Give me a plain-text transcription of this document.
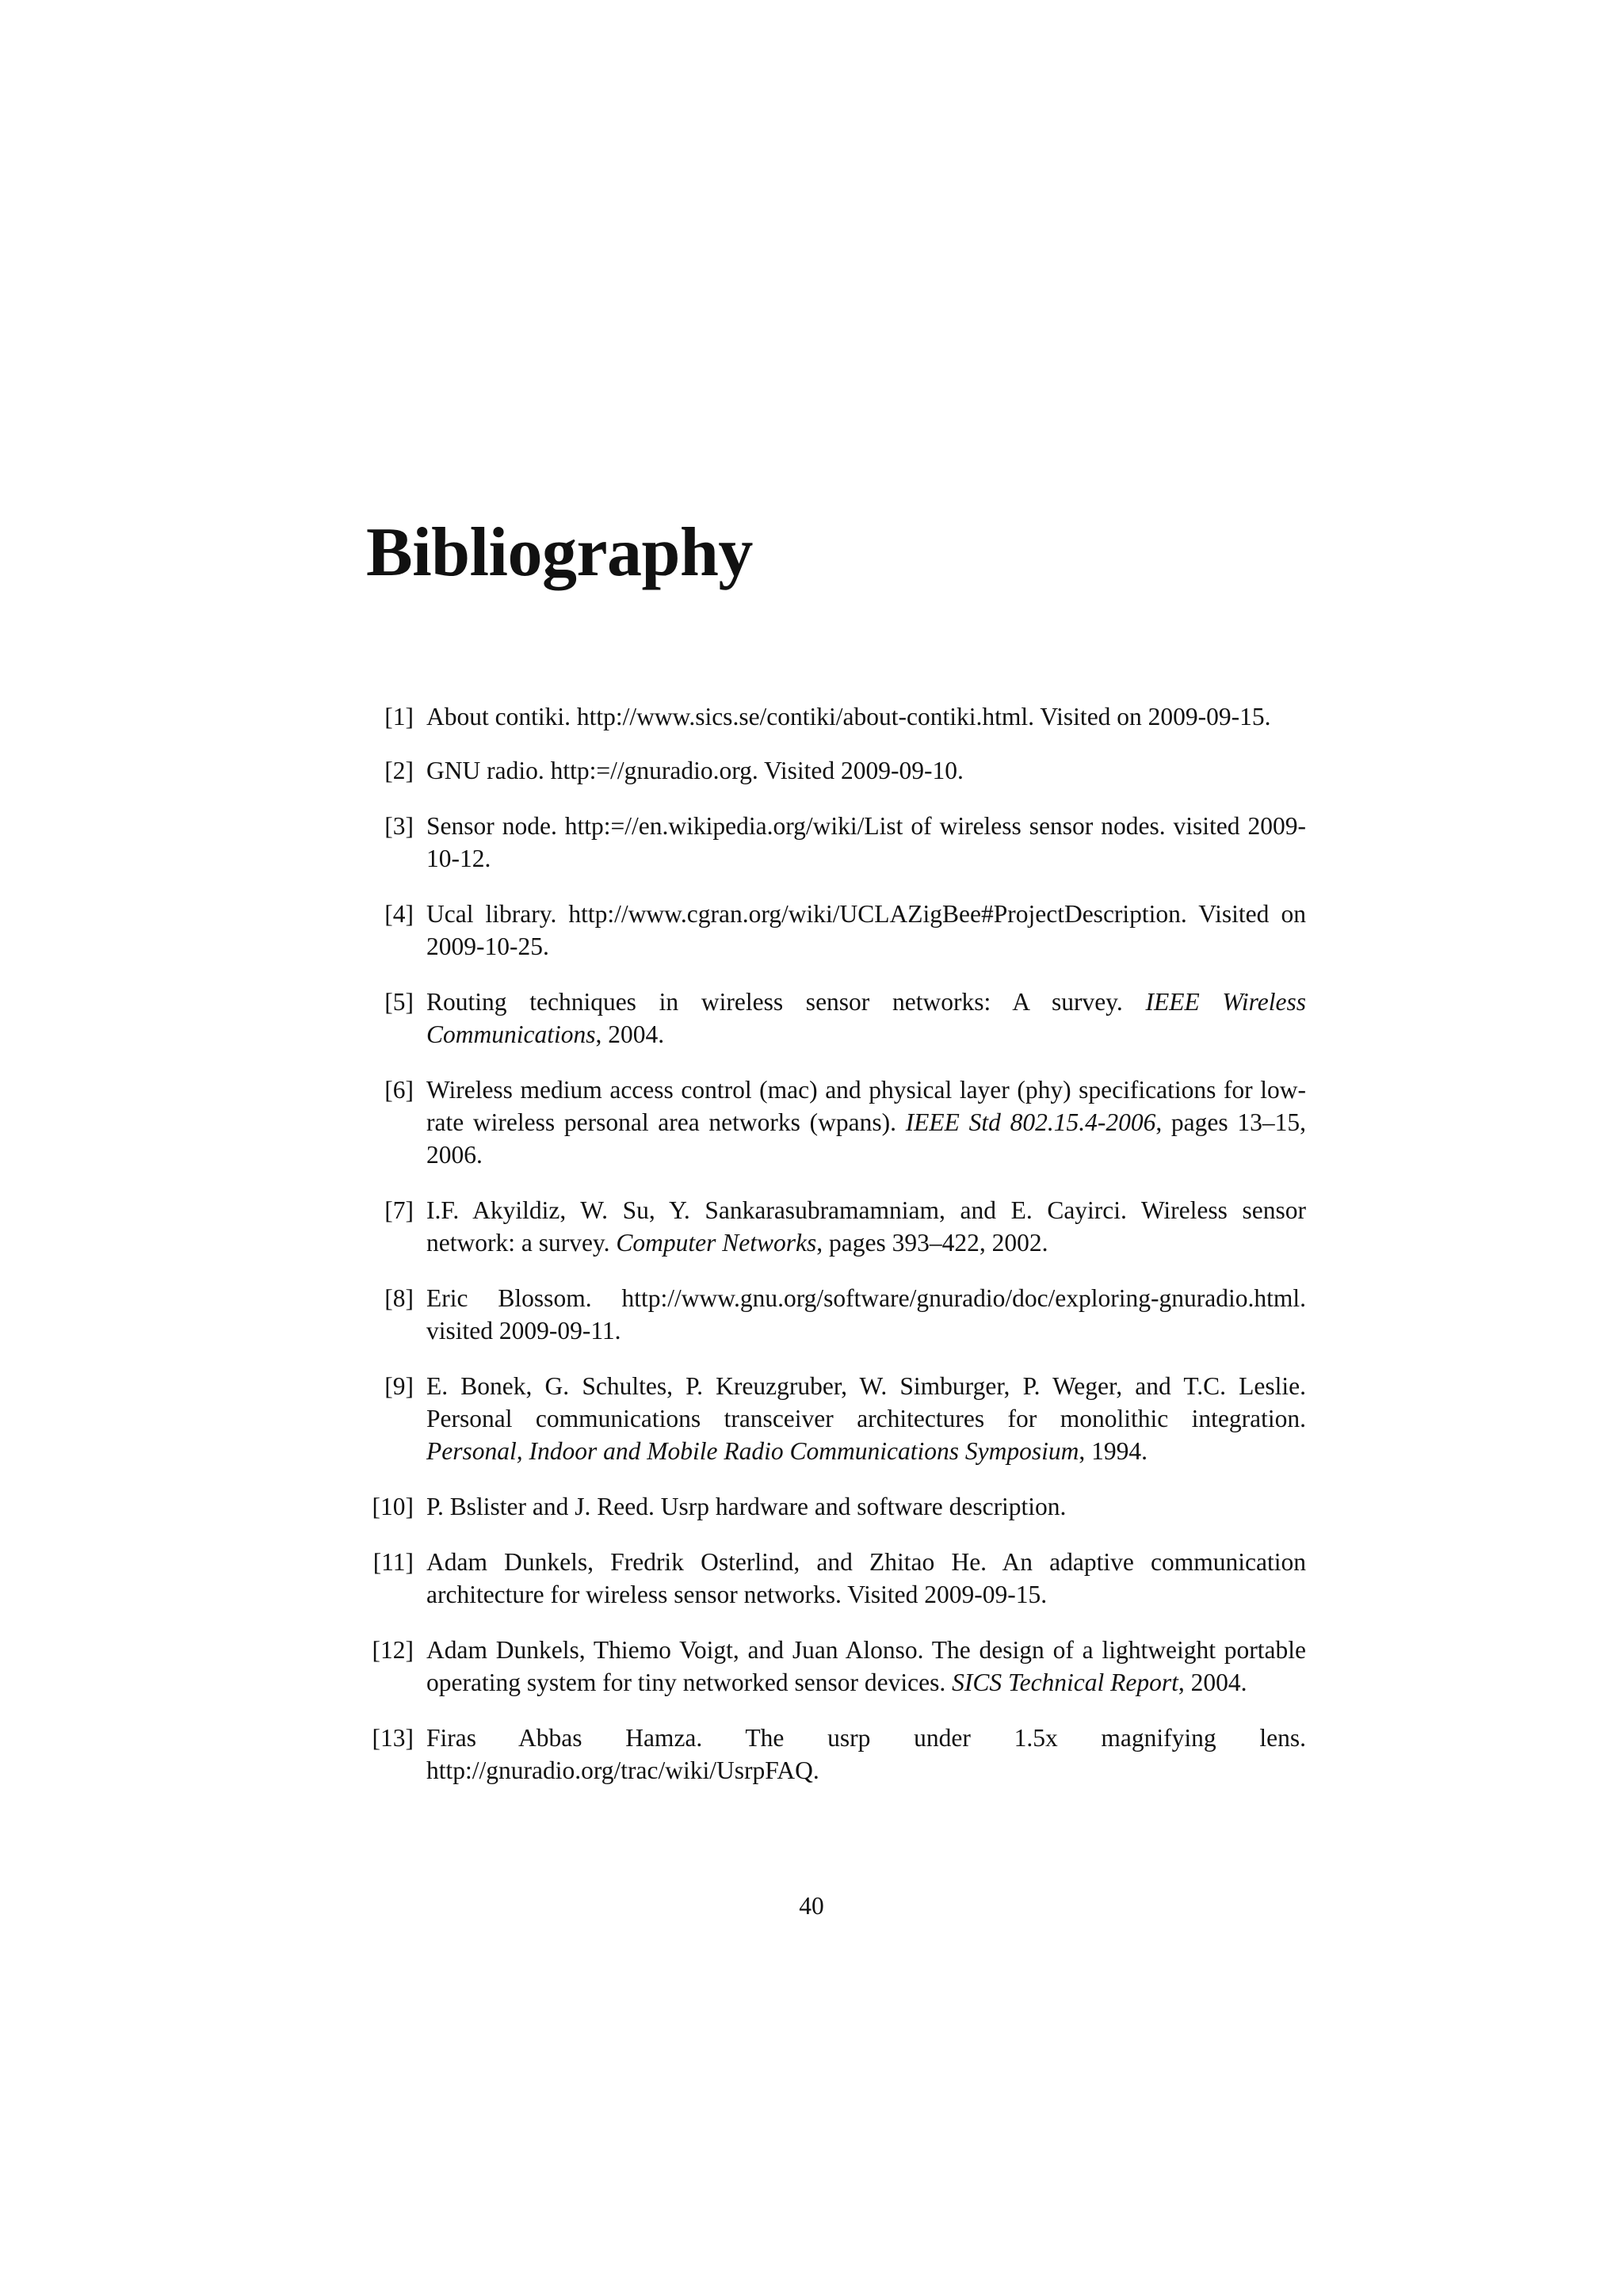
Bibliography
[1] About contiki. http://www.sics.se/contiki/about-contiki.html. Visited on 2009-09-15.
[2] GNU radio. http:=//gnuradio.org. Visited 2009-09-10.
[3] Sensor node. http:=//en.wikipedia.org/wiki/List of wireless sensor nodes. visited 2009-10-12.
[4] Ucal library. http://www.cgran.org/wiki/UCLAZigBee#ProjectDescription. Visited on 2009-10-25.
[5] Routing techniques in wireless sensor networks: A survey. IEEE Wireless Communications, 2004.
[6] Wireless medium access control (mac) and physical layer (phy) specifications for low-rate wireless personal area networks (wpans). IEEE Std 802.15.4-2006, pages 13–15, 2006.
[7] I.F. Akyildiz, W. Su, Y. Sankarasubramamniam, and E. Cayirci. Wireless sensor network: a survey. Computer Networks, pages 393–422, 2002.
[8] Eric Blossom. http://www.gnu.org/software/gnuradio/doc/exploring-gnuradio.html. visited 2009-09-11.
[9] E. Bonek, G. Schultes, P. Kreuzgruber, W. Simburger, P. Weger, and T.C. Leslie. Personal communications transceiver architectures for monolithic integration. Personal, Indoor and Mobile Radio Communications Symposium, 1994.
[10] P. Bslister and J. Reed. Usrp hardware and software description.
[11] Adam Dunkels, Fredrik Osterlind, and Zhitao He. An adaptive communication architecture for wireless sensor networks. Visited 2009-09-15.
[12] Adam Dunkels, Thiemo Voigt, and Juan Alonso. The design of a lightweight portable operating system for tiny networked sensor devices. SICS Technical Report, 2004.
[13] Firas Abbas Hamza. The usrp under 1.5x magnifying lens. http://gnuradio.org/trac/wiki/UsrpFAQ.
40
